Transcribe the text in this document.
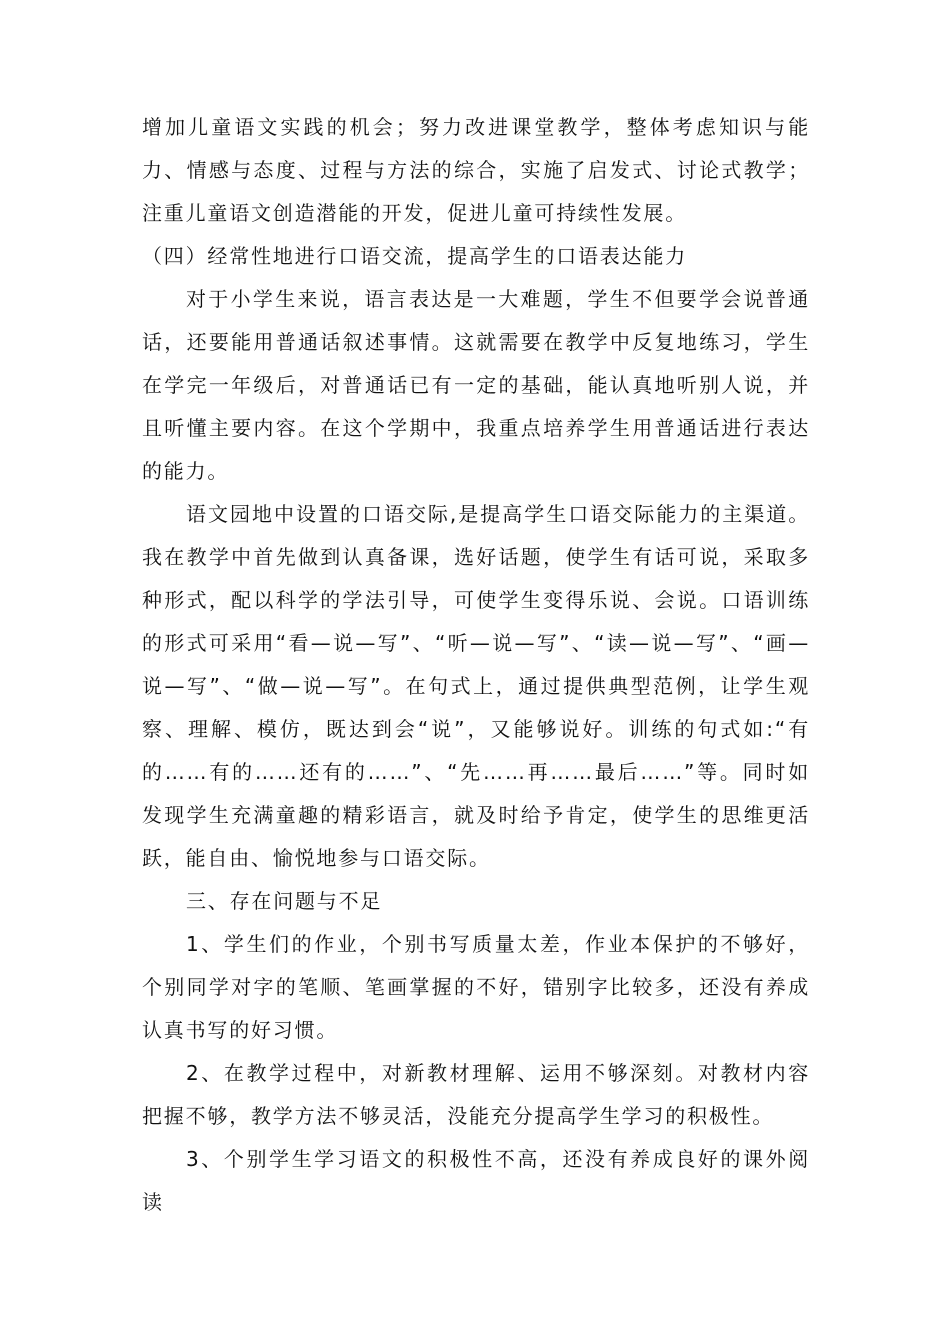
增加儿童语文实践的机会；努力改进课堂教学，整体考虑知识与能力、情感与态度、过程与方法的综合，实施了启发式、讨论式教学；注重儿童语文创造潜能的开发，促进儿童可持续性发展。

（四）经常性地进行口语交流，提高学生的口语表达能力

对于小学生来说，语言表达是一大难题，学生不但要学会说普通话，还要能用普通话叙述事情。这就需要在教学中反复地练习，学生在学完一年级后，对普通话已有一定的基础，能认真地听别人说，并且听懂主要内容。在这个学期中，我重点培养学生用普通话进行表达的能力。

语文园地中设置的口语交际,是提高学生口语交际能力的主渠道。我在教学中首先做到认真备课，选好话题，使学生有话可说，采取多种形式，配以科学的学法引导，可使学生变得乐说、会说。口语训练的形式可采用“看—说—写”、“听—说—写”、“读—说—写”、“画—说—写”、“做—说—写”。在句式上，通过提供典型范例，让学生观察、理解、模仿，既达到会“说”，又能够说好。训练的句式如:“有的……有的……还有的……”、“先……再……最后……”等。同时如发现学生充满童趣的精彩语言，就及时给予肯定，使学生的思维更活跃，能自由、愉悦地参与口语交际。

三、存在问题与不足

1、学生们的作业，个别书写质量太差，作业本保护的不够好，个别同学对字的笔顺、笔画掌握的不好，错别字比较多，还没有养成认真书写的好习惯。

2、在教学过程中，对新教材理解、运用不够深刻。对教材内容把握不够，教学方法不够灵活，没能充分提高学生学习的积极性。

3、个别学生学习语文的积极性不高，还没有养成良好的课外阅读
